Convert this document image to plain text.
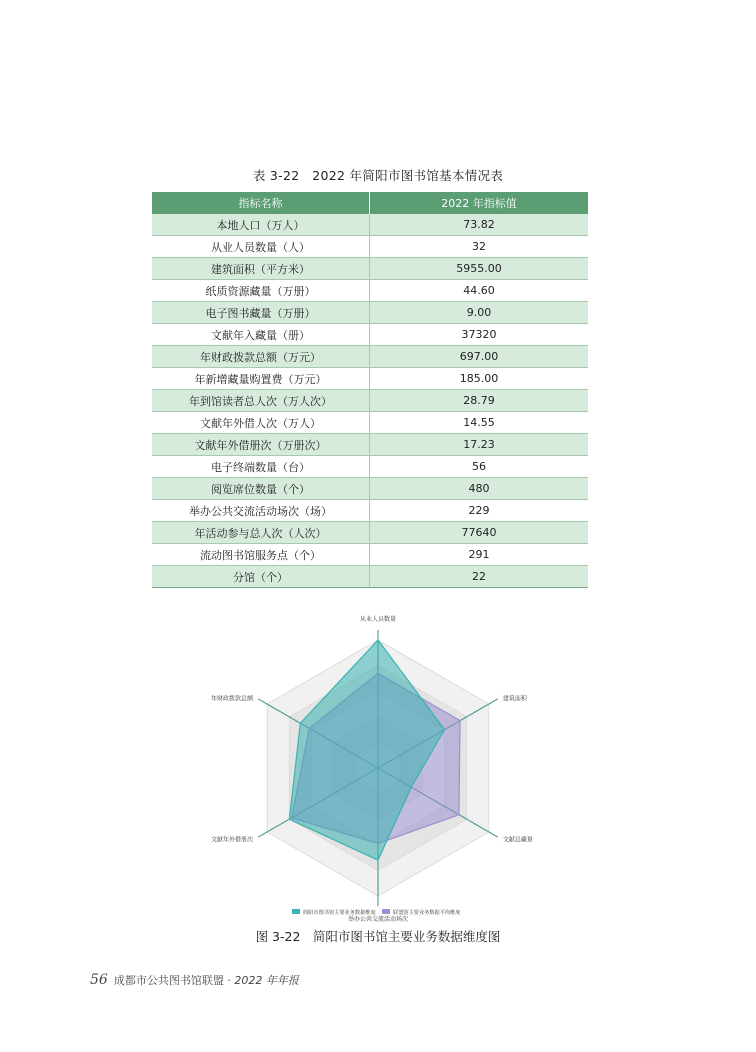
表 3-22　2022 年简阳市图书馆基本情况表
指标名称	2022 年指标值
本地人口（万人）	73.82
从业人员数量（人）	32
建筑面积（平方米）	5955.00
纸质资源藏量（万册）	44.60
电子图书藏量（万册）	9.00
文献年入藏量（册）	37320
年财政拨款总额（万元）	697.00
年新增藏量购置费（万元）	185.00
年到馆读者总人次（万人次）	28.79
文献年外借人次（万人）	14.55
文献年外借册次（万册次）	17.23
电子终端数量（台）	56
阅览席位数量（个）	480
举办公共交流活动场次（场）	229
年活动参与总人次（人次）	77640
流动图书馆服务点（个）	291
分馆（个）	22
从业人员数量
建筑面积
文献总藏量
举办公共交流活动场次
文献年外借册次
年财政拨款总额
简阳市图书馆主要业务数据维度	联盟馆主要业务数据平均维度
图 3-22　简阳市图书馆主要业务数据维度图
56 成都市公共图书馆联盟 · 2022 年年报
